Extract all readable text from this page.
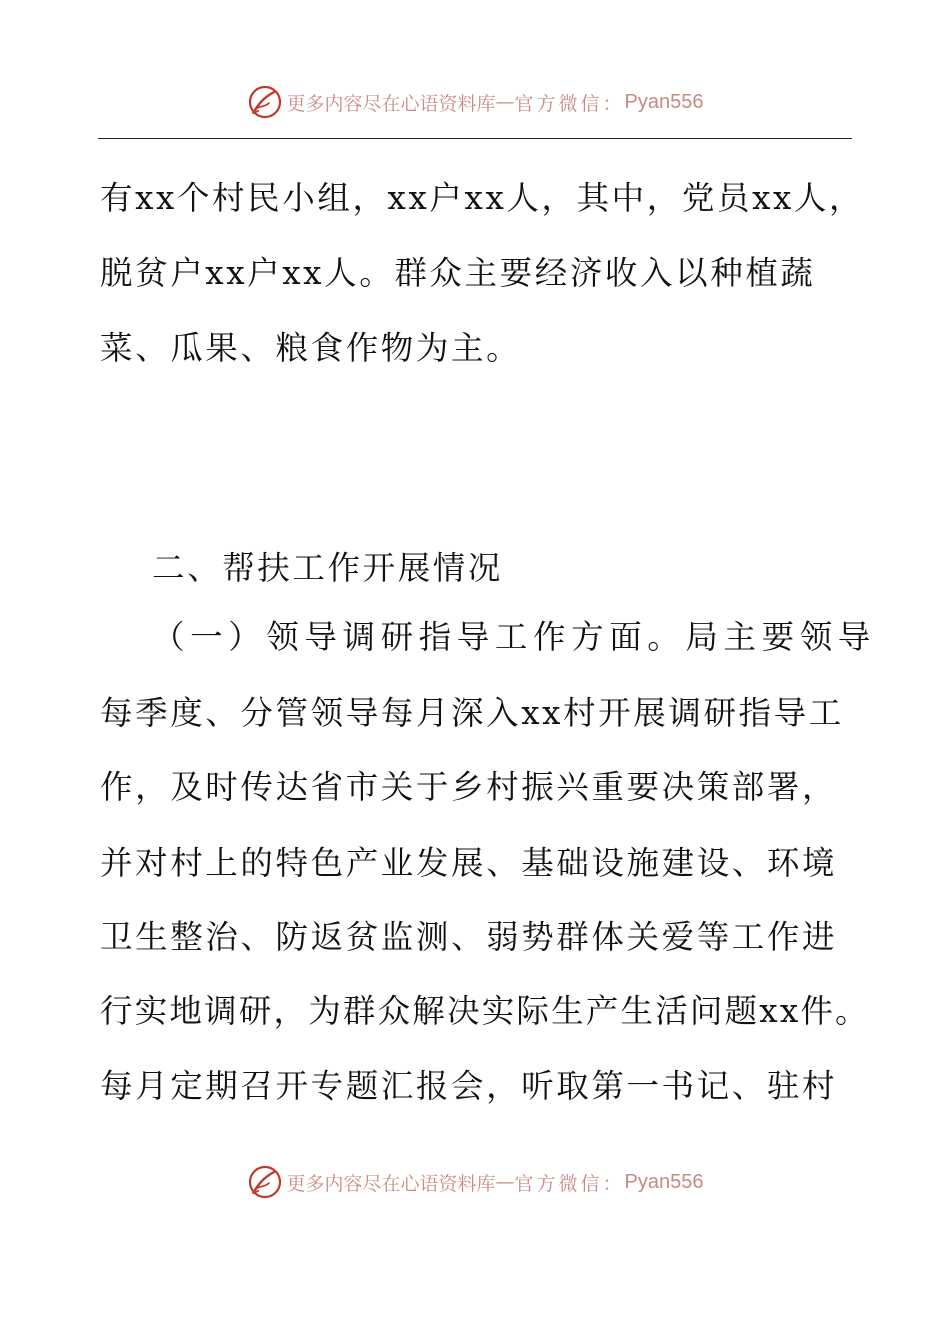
更多内容尽在心语资料库 — 官方微信： Pyan556
有xx个村民小组，xx户xx人，其中，党员xx人，
脱贫户xx户xx人。群众主要经济收入以种植蔬
菜、瓜果、粮食作物为主。
二、帮扶工作开展情况
（一）领导调研指导工作方面。局主要领导
每季度、分管领导每月深入xx村开展调研指导工
作，及时传达省市关于乡村振兴重要决策部署，
并对村上的特色产业发展、基础设施建设、环境
卫生整治、防返贫监测、弱势群体关爱等工作进
行实地调研，为群众解决实际生产生活问题xx件。
每月定期召开专题汇报会，听取第一书记、驻村
更多内容尽在心语资料库 — 官方微信： Pyan556
